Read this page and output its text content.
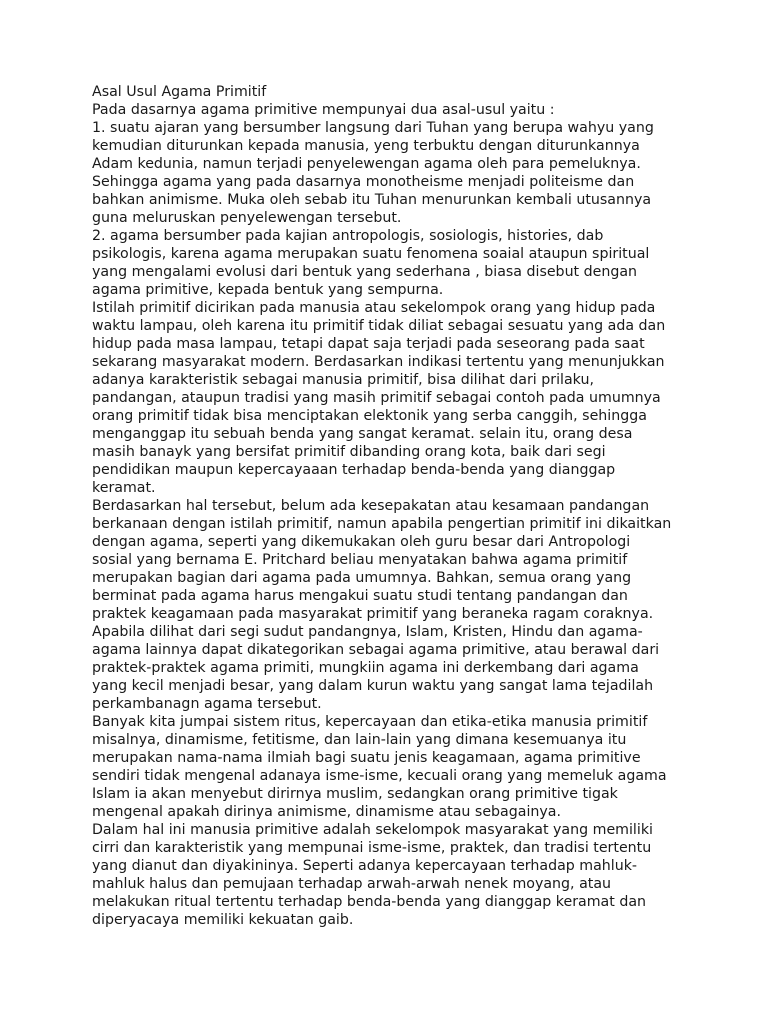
Asal Usul Agama Primitif
Pada dasarnya agama primitive mempunyai dua asal-usul yaitu :
1. suatu ajaran yang bersumber langsung dari Tuhan yang berupa wahyu yang
kemudian diturunkan kepada manusia, yeng terbuktu dengan diturunkannya
Adam kedunia, namun terjadi penyelewengan agama oleh para pemeluknya.
Sehingga agama yang pada dasarnya monotheisme menjadi politeisme dan
bahkan animisme. Muka oleh sebab itu Tuhan menurunkan kembali utusannya
guna meluruskan penyelewengan tersebut.
2. agama bersumber pada kajian antropologis, sosiologis, histories, dab
psikologis, karena agama merupakan suatu fenomena soaial ataupun spiritual
yang mengalami evolusi dari bentuk yang sederhana , biasa disebut dengan
agama primitive, kepada bentuk yang sempurna.
Istilah primitif dicirikan pada manusia atau sekelompok orang yang hidup pada
waktu lampau, oleh karena itu primitif tidak diliat sebagai sesuatu yang ada dan
hidup pada masa lampau, tetapi dapat saja terjadi pada seseorang pada saat
sekarang masyarakat modern. Berdasarkan indikasi tertentu yang menunjukkan
adanya karakteristik sebagai manusia primitif, bisa dilihat dari prilaku,
pandangan, ataupun tradisi yang masih primitif sebagai contoh pada umumnya
orang primitif tidak bisa menciptakan elektonik yang serba canggih, sehingga
menganggap itu sebuah benda yang sangat keramat. selain itu, orang desa
masih banayk yang bersifat primitif dibanding orang kota, baik dari segi
pendidikan maupun kepercayaaan terhadap benda-benda yang dianggap
keramat.
Berdasarkan hal tersebut, belum ada kesepakatan atau kesamaan pandangan
berkanaan dengan istilah primitif, namun apabila pengertian primitif ini dikaitkan
dengan agama, seperti yang dikemukakan oleh guru besar dari Antropologi
sosial yang bernama E. Pritchard beliau menyatakan bahwa agama primitif
merupakan bagian dari agama pada umumnya. Bahkan, semua orang yang
berminat pada agama harus mengakui suatu studi tentang pandangan dan
praktek keagamaan pada masyarakat primitif yang beraneka ragam coraknya.
Apabila dilihat dari segi sudut pandangnya, Islam, Kristen, Hindu dan agama-
agama lainnya dapat dikategorikan sebagai agama primitive, atau berawal dari
praktek-praktek agama primiti, mungkiin agama ini derkembang dari agama
yang kecil menjadi besar, yang dalam kurun waktu yang sangat lama tejadilah
perkambanagn agama tersebut.
Banyak kita jumpai sistem ritus, kepercayaan dan etika-etika manusia primitif
misalnya, dinamisme, fetitisme, dan lain-lain yang dimana kesemuanya itu
merupakan nama-nama ilmiah bagi suatu jenis keagamaan, agama primitive
sendiri tidak mengenal adanaya isme-isme, kecuali orang yang memeluk agama
Islam ia akan menyebut dirirnya muslim, sedangkan orang primitive tigak
mengenal apakah dirinya animisme, dinamisme atau sebagainya.
Dalam hal ini manusia primitive adalah sekelompok masyarakat yang memiliki
cirri dan karakteristik yang mempunai isme-isme, praktek, dan tradisi tertentu
yang dianut dan diyakininya. Seperti adanya kepercayaan terhadap mahluk-
mahluk halus dan pemujaan terhadap arwah-arwah nenek moyang, atau
melakukan ritual tertentu terhadap benda-benda yang dianggap keramat dan
diperyacaya memiliki kekuatan gaib.
